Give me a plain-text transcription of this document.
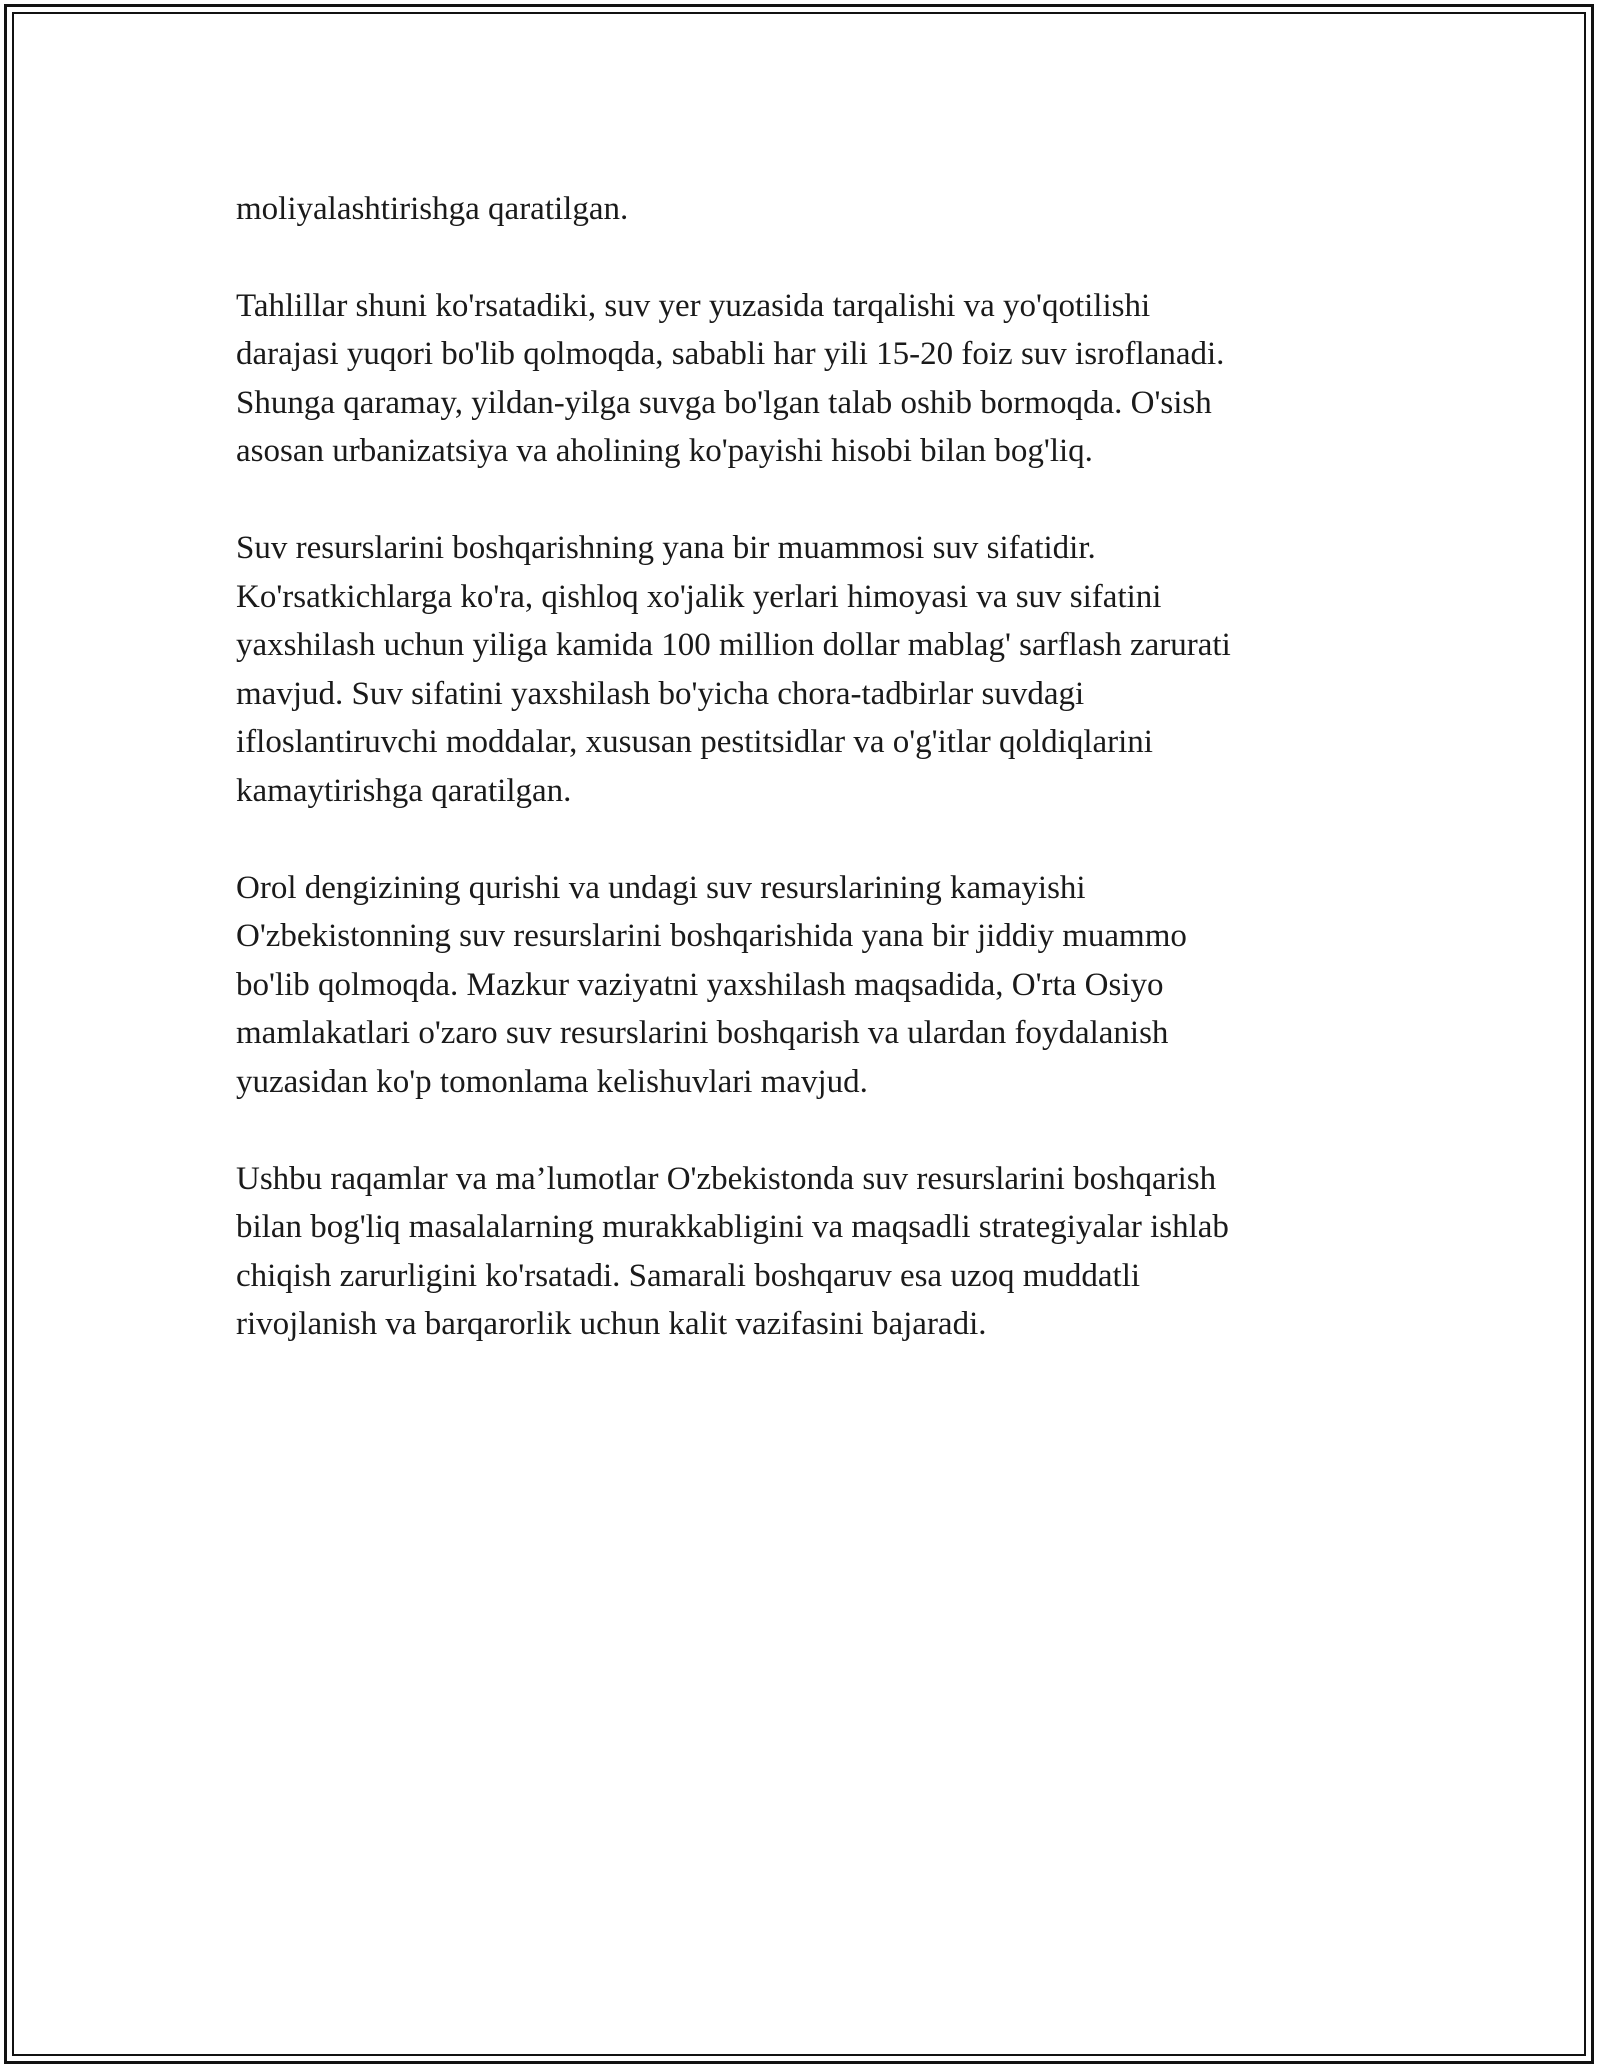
moliyalashtirishga qaratilgan.

Tahlillar shuni ko'rsatadiki, suv yer yuzasida tarqalishi va yo'qotilishi
darajasi yuqori bo'lib qolmoqda, sababli har yili 15-20 foiz suv isroflanadi.
Shunga qaramay, yildan-yilga suvga bo'lgan talab oshib bormoqda. O'sish
asosan urbanizatsiya va aholining ko'payishi hisobi bilan bog'liq.

Suv resurslarini boshqarishning yana bir muammosi suv sifatidir.
Ko'rsatkichlarga ko'ra, qishloq xo'jalik yerlari himoyasi va suv sifatini
yaxshilash uchun yiliga kamida 100 million dollar mablag' sarflash zarurati
mavjud. Suv sifatini yaxshilash bo'yicha chora-tadbirlar suvdagi
ifloslantiruvchi moddalar, xususan pestitsidlar va o'g'itlar qoldiqlarini
kamaytirishga qaratilgan.

Orol dengizining qurishi va undagi suv resurslarining kamayishi
O'zbekistonning suv resurslarini boshqarishida yana bir jiddiy muammo
bo'lib qolmoqda. Mazkur vaziyatni yaxshilash maqsadida, O'rta Osiyo
mamlakatlari o'zaro suv resurslarini boshqarish va ulardan foydalanish
yuzasidan ko'p tomonlama kelishuvlari mavjud.

Ushbu raqamlar va ma’lumotlar O'zbekistonda suv resurslarini boshqarish
bilan bog'liq masalalarning murakkabligini va maqsadli strategiyalar ishlab
chiqish zarurligini ko'rsatadi. Samarali boshqaruv esa uzoq muddatli
rivojlanish va barqarorlik uchun kalit vazifasini bajaradi.
